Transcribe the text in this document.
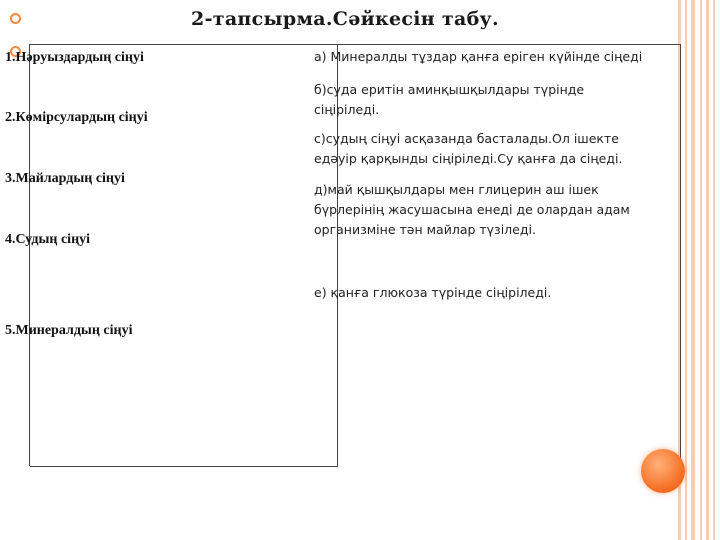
2-тапсырма.Сәйкесін табу.
1.Нәруыздардың сіңуі
2.Көмірсулардың сіңуі
3.Майлардың сіңуі
4.Судың сіңуі
5.Минералдың сіңуі
а) Минералды тұздар қанға еріген күйінде сіңеді
б)суда еритін аминқышқылдары түрінде сіңіріледі.
с)судың сіңуі асқазанда басталады.Ол ішекте едәуір қарқынды сіңіріледі.Су қанға да сіңеді.
д)май қышқылдары мен глицерин аш ішек бүрлерінің жасушасына енеді де олардан адам организміне тән майлар түзіледі.
е) қанға глюкоза түрінде сіңіріледі.
